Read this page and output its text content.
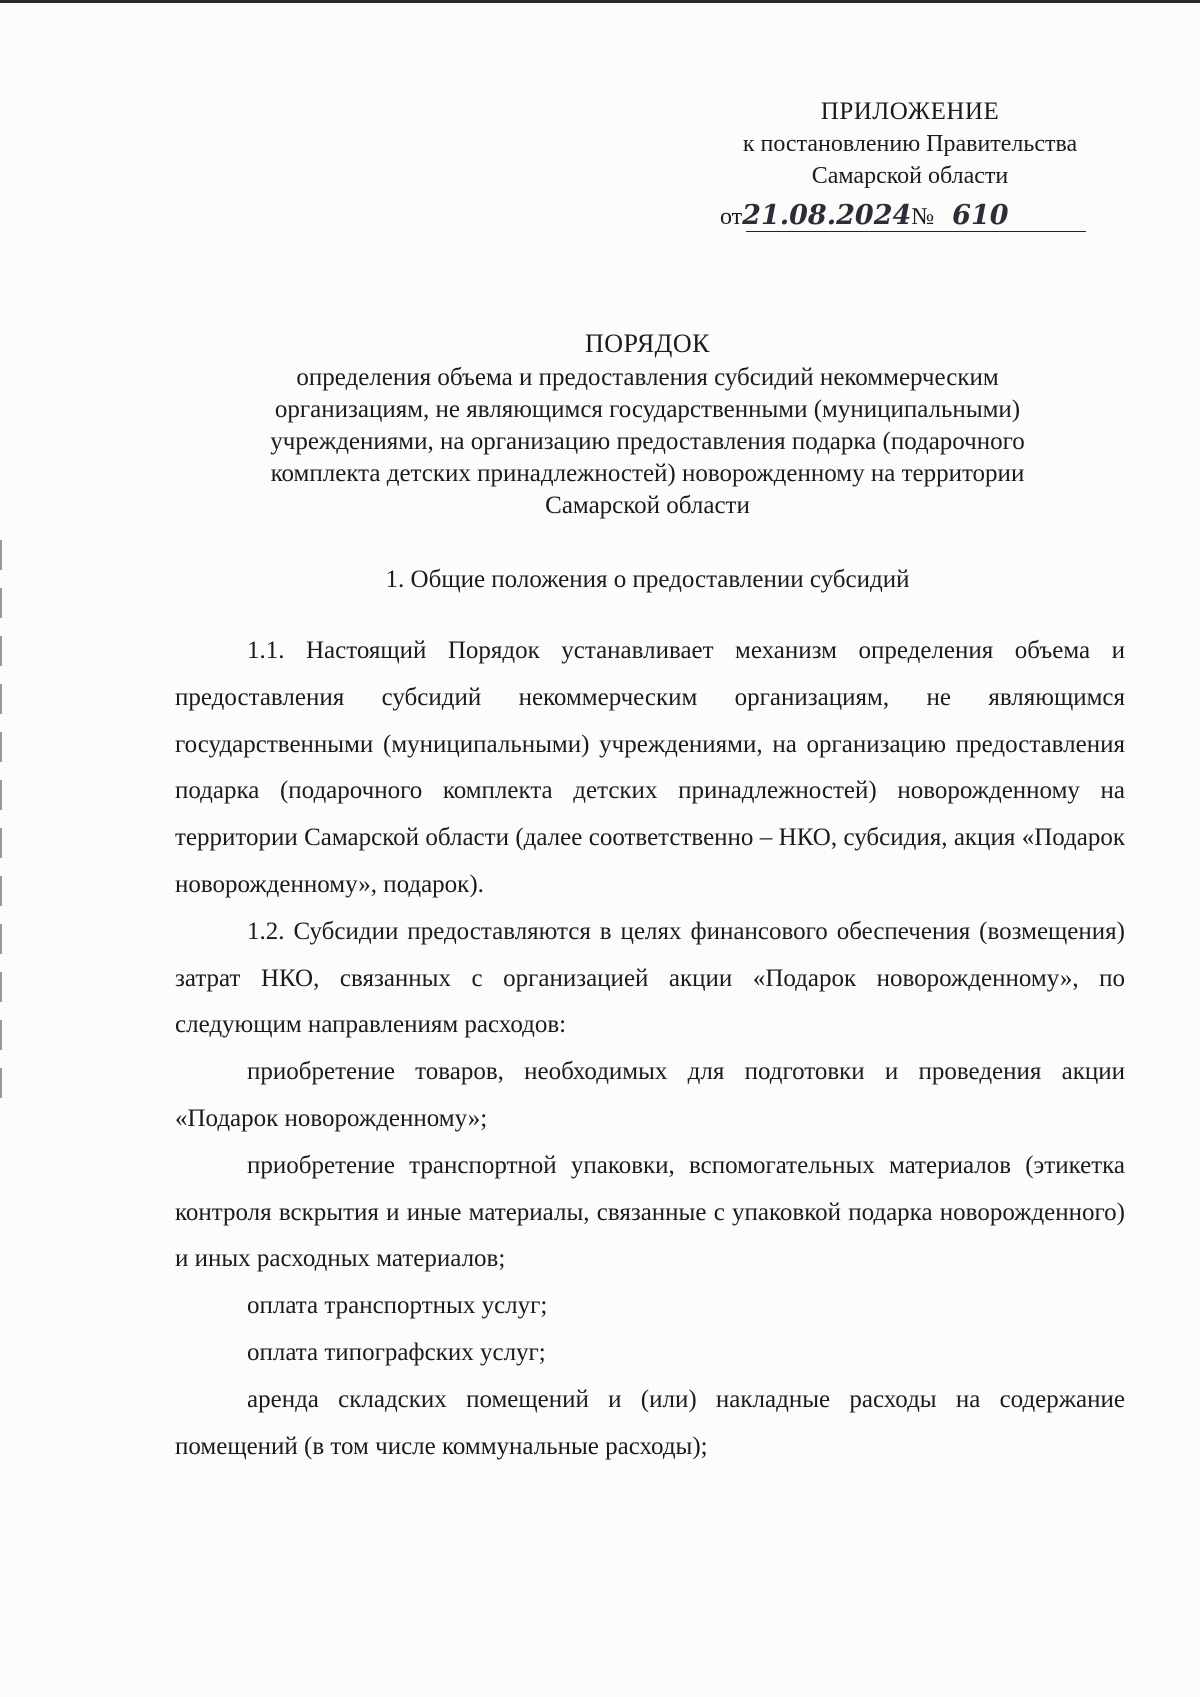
ПРИЛОЖЕНИЕ
к постановлению Правительства
Самарской области
от21.08.2024№ 610
ПОРЯДОК
определения объема и предоставления субсидий некоммерческим
организациям, не являющимся государственными (муниципальными)
учреждениями, на организацию предоставления подарка (подарочного
комплекта детских принадлежностей) новорожденному на территории
Самарской области
1. Общие положения о предоставлении субсидий

1.1. Настоящий Порядок устанавливает механизм определения объема и предоставления субсидий некоммерческим организациям, не являющимся государственными (муниципальными) учреждениями, на организацию предоставления подарка (подарочного комплекта детских принадлежностей) новорожденному на территории Самарской области (далее соответственно – НКО, субсидия, акция «Подарок новорожденному», подарок).

1.2. Субсидии предоставляются в целях финансового обеспечения (возмещения) затрат НКО, связанных с организацией акции «Подарок новорожденному», по следующим направлениям расходов:

приобретение товаров, необходимых для подготовки и проведения акции «Подарок новорожденному»;

приобретение транспортной упаковки, вспомогательных материалов (этикетка контроля вскрытия и иные материалы, связанные с упаковкой подарка новорожденного) и иных расходных материалов;

оплата транспортных услуг;

оплата типографских услуг;

аренда складских помещений и (или) накладные расходы на содержание помещений (в том числе коммунальные расходы);
